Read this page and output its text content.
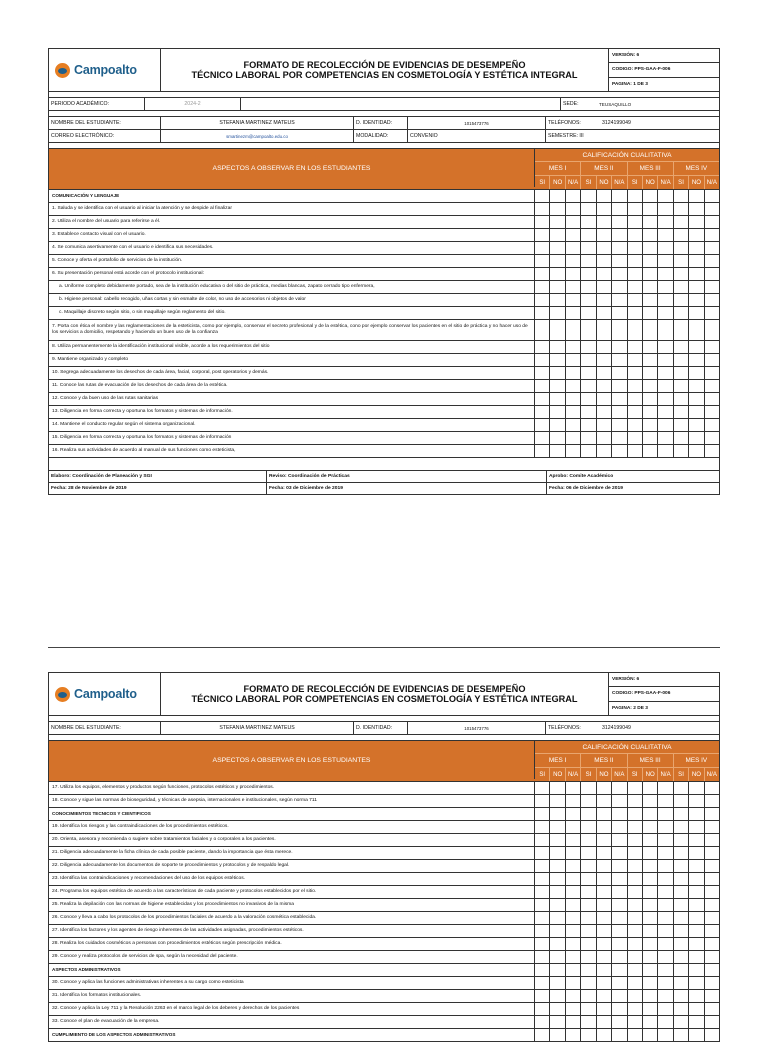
Campoalto	FORMATO DE RECOLECCIÓN DE EVIDENCIAS DE DESEMPEÑO
TÉCNICO LABORAL POR COMPETENCIAS EN COSMETOLOGÍA Y ESTÉTICA INTEGRAL
VERSIÓN: 6
CODIGO: PPS-GAA-F-006
PAGINA: 1 DE 3
PERIODO ACADÉMICO:	2024-2	SEDE:	TEUSAQUILLO
NOMBRE DEL ESTUDIANTE:	STEFANIA MARTINEZ MATEUS	D. IDENTIDAD:	1015473776	TELÉFONOS:	3124199049
CORREO ELECTRÓNICO:	smartinezm@campoalto.edu.co	MODALIDAD:	CONVENIO	SEMESTRE: III
ASPECTOS A OBSERVAR EN LOS ESTUDIANTES
CALIFICACIÓN CUALITATIVA
MES I	MES II	MES III	MES IV
SI	NO N/A	SI	NO N/A	SI	NO N/A	SI	NO N/A
COMUNICACIÓN Y LENGUAJE
1. Saluda y se identifica con el usuario al iniciar la atención y se despide al finalizar
2. Utiliza el nombre del usuario para referirse a él.
3. Establece contacto visual con el usuario.
4. Se comunica asertivamente con el usuario e identifica sus necesidades.
5. Conoce y oferta el portafolio de servicios de la institución.
6. Su presentación personal está acorde con el protocolo institucional:
a. Uniforme completo debidamente portado, sea de la institución educativa o del sitio de práctica, medias blancas, zapato cerrado tipo enfermera,
b. Higiene personal: cabello recogido, uñas cortas y sin esmalte de color, no uso de accesorios ni objetos de valor
c. Maquillaje discreto según sitio, o sin maquillaje según reglamento del sitio.
7. Porta con ética el nombre y las reglamentaciones de la esteticista, como por ejemplo, conservar el secreto profesional y de la estética, cono por ejemplo conservar los pacientes en el sitio de práctica y no hacer uso de los servicios a domicilio, respetando y haciendo un buen uso de la confianza
8. Utiliza permanentemente la identificación institucional visible, acorde a los requerimientos del sitio
9. Mantiene organizado y completo
10. Segrega adecuadamente los desechos de cada área, facial, corporal, post operatorios y demás.
11. Conoce las rutas de evacuación de los desechos de cada área de la estética.
12. Conoce y da buen uso de las rutas sanitarias
13. Diligencia en forma correcta y oportuna los formatos y sistemas de información.
14. Mantiene el conducto regular según el sistema organizacional.
15. Diligencia en forma correcta y oportuna los formatos y sistemas de información
16. Realiza sus actividades de acuerdo al manual de sus funciones como esteticista,
Elaboro: Coordinación de Planeación y SGI	Reviso: Coordinación de Prácticas	Aprobo: Comite Académico
Fecha: 28 de Noviembre de 2019	Fecha: 03 de Diciembre de 2019	Fecha: 06 de Diciembre de 2019
Campoalto	FORMATO DE RECOLECCIÓN DE EVIDENCIAS DE DESEMPEÑO
TÉCNICO LABORAL POR COMPETENCIAS EN COSMETOLOGÍA Y ESTÉTICA INTEGRAL
VERSIÓN: 6
CODIGO: PPS-GAA-F-006
PAGINA: 2 DE 3
NOMBRE DEL ESTUDIANTE:	STEFANIA MARTINEZ MATEUS	D. IDENTIDAD:	1015473776	TELÉFONOS:	3124199049
ASPECTOS A OBSERVAR EN LOS ESTUDIANTES
CALIFICACIÓN CUALITATIVA
MES I	MES II	MES III	MES IV
SI	NO N/A	SI	NO N/A	SI	NO N/A	SI	NO N/A
17. Utiliza los equipos, elementos y productos según funciones, protocolos estéticos y procedimientos.
18. Conoce y sigue las normas de bioseguridad, y técnicas de asepsia, internacionales e institucionales, según norma 711
CONOCIMIENTOS TECNICOS Y CIENTIFICOS
19. Identifica los riesgos y las contraindicaciones de los procedimientos estéticos.
20. Orienta, asesora y recomienda o sugiere sobre tratamientos faciales y o corporales a los pacientes.
21. Diligencia adecuadamente la ficha clínica de cada posible paciente, dando la importancia que ésta merece.
22. Diligencia adecuadamente los documentos de soporte te procedimientos y protocolos y de respaldo legal.
23. Identifica las contraindicaciones y recomendaciones del uso de los equipos estéticos.
24. Programa los equipos estética de acuerdo a las características de cada paciente y protocolos establecidos por el sitio.
25. Realiza la depilación con las normas de higiene establecidas y los procedimientos no invasivos de la misma
26. Conoce y lleva a cabo los protocolos de los procedimientos faciales de acuerdo a la valoración cosmética establecida.
27. Identifica los factores y los agentes de riesgo inherentes de las actividades asignadas, procedimientos estéticos.
28. Realiza los cuidados cosméticos a personas con procedimientos estéticos según prescripción médica.
29. Conoce y realiza protocolos de servicios de spa, según la necesidad del paciente.
ASPECTOS ADMINISTRATIVOS
30. Conoce y aplica las funciones administrativas inherentes a su cargo como esteticista
31. Identifica los formatos institucionales.
32. Conoce y aplica la Ley 711 y la Resolución 2263 en el marco legal de los deberes y derechos de los pacientes
33. Conoce el plan de evacuación de la empresa.
CUMPLIMIENTO DE LOS ASPECTOS ADMINISTRATIVOS
